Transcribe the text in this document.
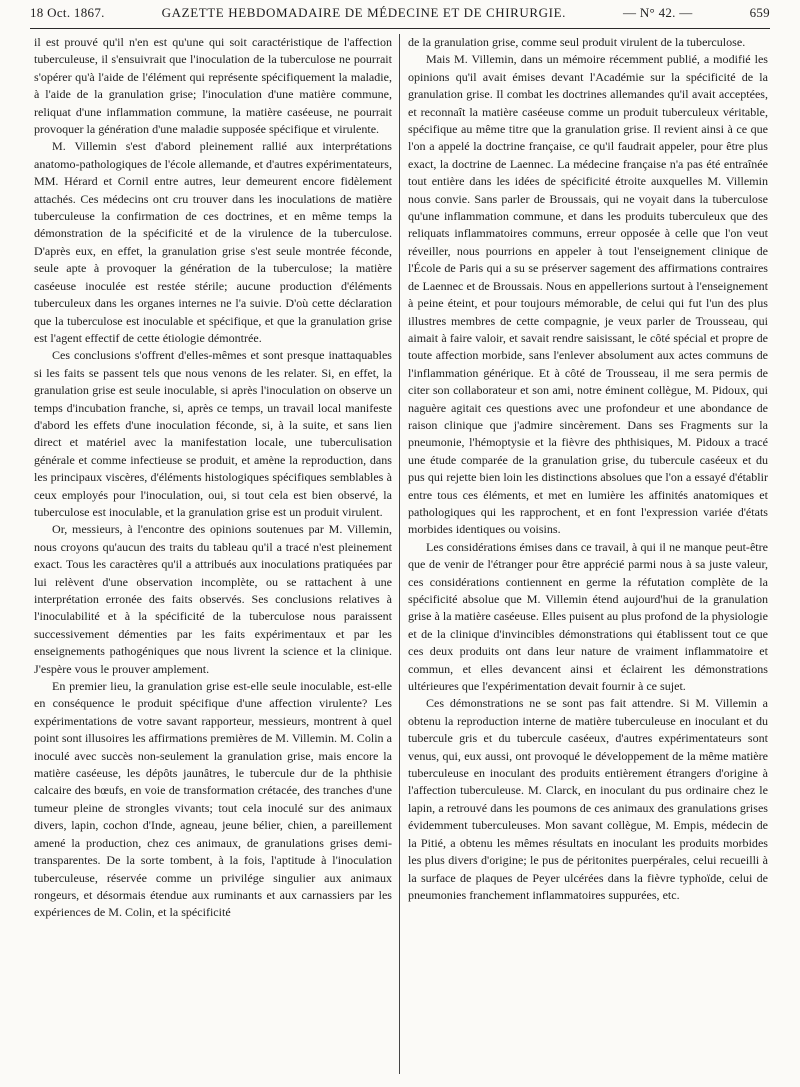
18 Oct. 1867.	GAZETTE HEBDOMADAIRE DE MÉDECINE ET DE CHIRURGIE.	— N° 42. —	659

il est prouvé qu'il n'en est qu'une qui soit caractéristique de l'affection tuberculeuse, il s'ensuivrait que l'inoculation de la tuberculose ne pourrait s'opérer qu'à l'aide de l'élément qui représente spécifiquement la maladie, à l'aide de la granulation grise; l'inoculation d'une matière commune, reliquat d'une inflammation commune, la matière caséeuse, ne pourrait provoquer la génération d'une maladie supposée spécifique et virulente.

M. Villemin s'est d'abord pleinement rallié aux interprétations anatomo-pathologiques de l'école allemande, et d'autres expérimentateurs, MM. Hérard et Cornil entre autres, leur demeurent encore fidèlement attachés. Ces médecins ont cru trouver dans les inoculations de matière tuberculeuse la confirmation de ces doctrines, et en même temps la démonstration de la spécificité et de la virulence de la tuberculose. D'après eux, en effet, la granulation grise s'est seule montrée féconde, seule apte à provoquer la génération de la tuberculose; la matière caséeuse inoculée est restée stérile; aucune production d'éléments tuberculeux dans les organes internes ne l'a suivie. D'où cette déclaration que la tuberculose est inoculable et spécifique, et que la granulation grise est l'agent effectif de cette étiologie démontrée.

Ces conclusions s'offrent d'elles-mêmes et sont presque inattaquables si les faits se passent tels que nous venons de les relater. Si, en effet, la granulation grise est seule inoculable, si après l'inoculation on observe un temps d'incubation franche, si, après ce temps, un travail local manifeste d'abord les effets d'une inoculation féconde, si, à la suite, et sans lien direct et matériel avec la manifestation locale, une tuberculisation générale et comme infectieuse se produit, et amène la reproduction, dans les principaux viscères, d'éléments histologiques spécifiques semblables à ceux employés pour l'inoculation, oui, si tout cela est bien observé, la tuberculose est inoculable, et la granulation grise est un produit virulent.

Or, messieurs, à l'encontre des opinions soutenues par M. Villemin, nous croyons qu'aucun des traits du tableau qu'il a tracé n'est pleinement exact. Tous les caractères qu'il a attribués aux inoculations pratiquées par lui relèvent d'une observation incomplète, ou se rattachent à une interprétation erronée des faits observés. Ses conclusions relatives à l'inoculabilité et à la spécificité de la tuberculose nous paraissent successivement démenties par les faits expérimentaux et par les enseignements pathogéniques que nous livrent la science et la clinique. J'espère vous le prouver amplement.

En premier lieu, la granulation grise est-elle seule inoculable, est-elle en conséquence le produit spécifique d'une affection virulente? Les expérimentations de votre savant rapporteur, messieurs, montrent à quel point sont illusoires les affirmations premières de M. Villemin. M. Colin a inoculé avec succès non-seulement la granulation grise, mais encore la matière caséeuse, les dépôts jaunâtres, le tubercule dur de la phthisie calcaire des bœufs, en voie de transformation crétacée, des tranches d'une tumeur pleine de strongles vivants; tout cela inoculé sur des animaux divers, lapin, cochon d'Inde, agneau, jeune bélier, chien, a pareillement amené la production, chez ces animaux, de granulations grises demi-transparentes. De la sorte tombent, à la fois, l'aptitude à l'inoculation tuberculeuse, réservée comme un privilége singulier aux animaux rongeurs, et désormais étendue aux ruminants et aux carnassiers par les expériences de M. Colin, et la spécificité

de la granulation grise, comme seul produit virulent de la tuberculose.

Mais M. Villemin, dans un mémoire récemment publié, a modifié les opinions qu'il avait émises devant l'Académie sur la spécificité de la granulation grise. Il combat les doctrines allemandes qu'il avait acceptées, et reconnaît la matière caséeuse comme un produit tuberculeux véritable, spécifique au même titre que la granulation grise. Il revient ainsi à ce que l'on a appelé la doctrine française, ce qu'il faudrait appeler, pour être plus exact, la doctrine de Laennec. La médecine française n'a pas été entraînée tout entière dans les idées de spécificité étroite auxquelles M. Villemin nous convie. Sans parler de Broussais, qui ne voyait dans la tuberculose qu'une inflammation commune, et dans les produits tuberculeux que des reliquats inflammatoires communs, erreur opposée à celle que l'on veut réveiller, nous pourrions en appeler à tout l'enseignement clinique de l'École de Paris qui a su se préserver sagement des affirmations contraires de Laennec et de Broussais. Nous en appellerions surtout à l'enseignement à peine éteint, et pour toujours mémorable, de celui qui fut l'un des plus illustres membres de cette compagnie, je veux parler de Trousseau, qui aimait à faire valoir, et savait rendre saisissant, le côté spécial et propre de toute affection morbide, sans l'enlever absolument aux actes communs de l'inflammation générique. Et à côté de Trousseau, il me sera permis de citer son collaborateur et son ami, notre éminent collègue, M. Pidoux, qui naguère agitait ces questions avec une profondeur et une abondance de raison clinique que j'admire sincèrement. Dans ses Fragments sur la pneumonie, l'hémoptysie et la fièvre des phthisiques, M. Pidoux a tracé une étude comparée de la granulation grise, du tubercule caséeux et du pus qui rejette bien loin les distinctions absolues que l'on a essayé d'établir entre tous ces éléments, et met en lumière les affinités anatomiques et pathologiques qui les rapprochent, et en font l'expression variée d'états morbides identiques ou voisins.

Les considérations émises dans ce travail, à qui il ne manque peut-être que de venir de l'étranger pour être apprécié parmi nous à sa juste valeur, ces considérations contiennent en germe la réfutation complète de la spécificité absolue que M. Villemin étend aujourd'hui de la granulation grise à la matière caséeuse. Elles puisent au plus profond de la physiologie et de la clinique d'invincibles démonstrations qui établissent tout ce que ces deux produits ont dans leur nature de vraiment inflammatoire et commun, et elles devancent ainsi et éclairent les démonstrations ultérieures que l'expérimentation devait fournir à ce sujet.

Ces démonstrations ne se sont pas fait attendre. Si M. Villemin a obtenu la reproduction interne de matière tuberculeuse en inoculant et du tubercule gris et du tubercule caséeux, d'autres expérimentateurs sont venus, qui, eux aussi, ont provoqué le développement de la même matière tuberculeuse en inoculant des produits entièrement étrangers d'origine à l'affection tuberculeuse. M. Clarck, en inoculant du pus ordinaire chez le lapin, a retrouvé dans les poumons de ces animaux des granulations grises évidemment tuberculeuses. Mon savant collègue, M. Empis, médecin de la Pitié, a obtenu les mêmes résultats en inoculant les produits morbides les plus divers d'origine; le pus de péritonites puerpérales, celui recueilli à la surface de plaques de Peyer ulcérées dans la fièvre typhoïde, celui de pneumonies franchement inflammatoires suppurées, etc.
